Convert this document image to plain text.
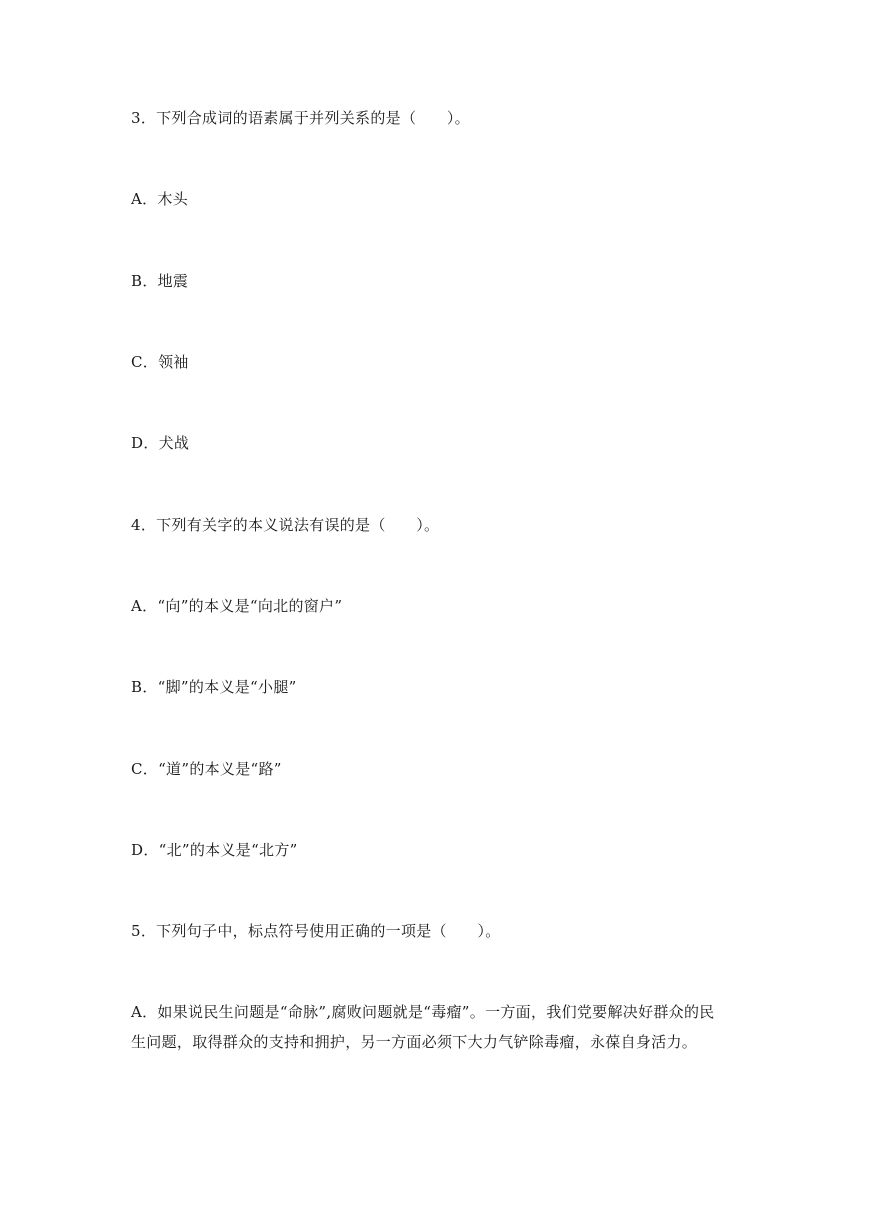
3．下列合成词的语素属于并列关系的是（　　）。
A．木头
B．地震
C．领袖
D．犬战
4．下列有关字的本义说法有误的是（　　）。
A．“向”的本义是“向北的窗户”
B．“脚”的本义是“小腿”
C．“道”的本义是“路”
D．“北”的本义是“北方”
5．下列句子中，标点符号使用正确的一项是（　　）。
A．如果说民生问题是“命脉”,腐败问题就是“毒瘤”。一方面，我们党要解决好群众的民
生问题，取得群众的支持和拥护，另一方面必须下大力气铲除毒瘤，永葆自身活力。
